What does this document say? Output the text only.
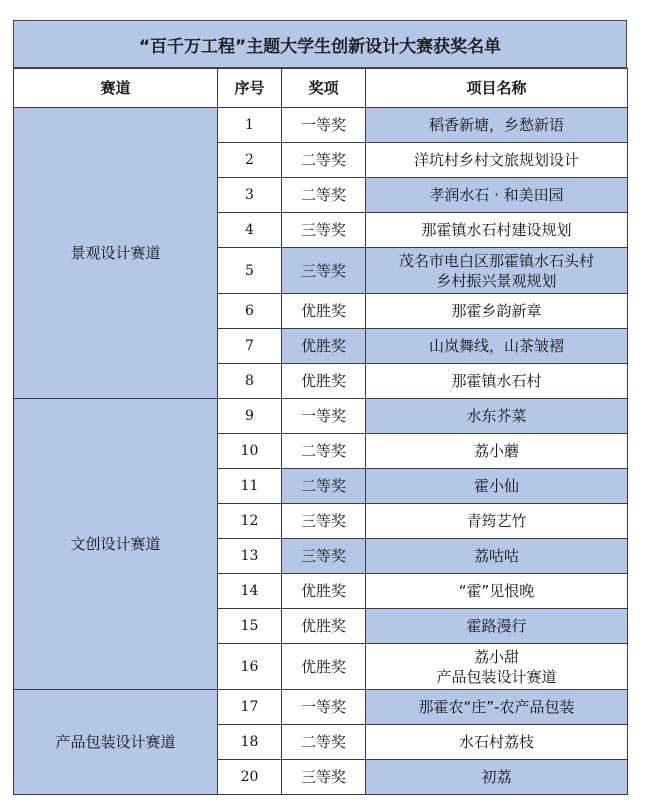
“百千万工程”主题大学生创新设计大赛获奖名单
赛道	序号	奖项	项目名称
景观设计赛道	1	一等奖	稻香新塘，乡愁新语

	2	二等奖	洋坑村乡村文旅规划设计

	3	二等奖	孝润水石 · 和美田园

	4	三等奖	那霍镇水石村建设规划

	5	三等奖	茂名市电白区那霍镇水石头村
乡村振兴景观规划

	6	优胜奖	那霍乡韵新章

	7	优胜奖	山岚舞线，山茶皱褶

	8	优胜奖	那霍镇水石村

文创设计赛道	9	一等奖	水东芥菜

	10	二等奖	荔小蘑

	11	二等奖	霍小仙

	12	三等奖	青筠艺竹

	13	三等奖	荔咕咕

	14	优胜奖	“霍”见恨晚

	15	优胜奖	霍路漫行

	16	优胜奖	荔小甜
产品包装设计赛道

产品包装设计赛道	17	一等奖	那霍农“庄”-农产品包装

	18	二等奖	水石村荔枝

	20	三等奖	初荔
